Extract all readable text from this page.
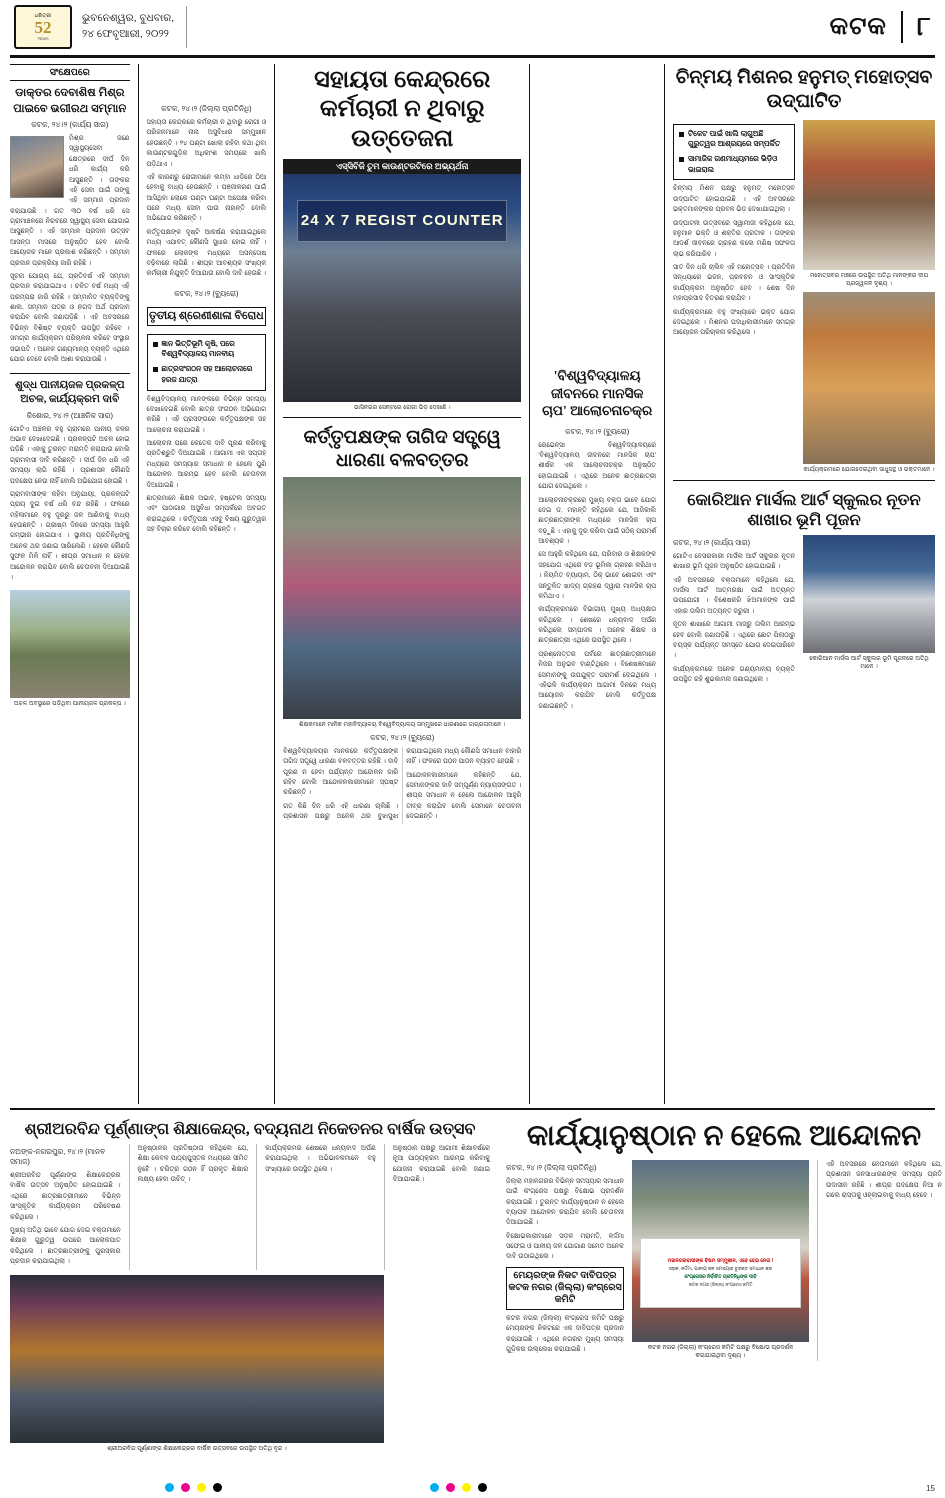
ଧରିତ୍ରୀ
52
Years
ଭୁବନେଶ୍ୱର, ବୁଧବାର,
୨୪ ଫେବୃଆରୀ, ୨୦୨୨	କଟକ	୮
ସଂକ୍ଷେପରେ
ଡାକ୍ତର ଦେବାଶିଷ ମିଶ୍ର ପାଇବେ ଭଗୀରଥ ସମ୍ମାନ
କଟକ, ୨୪।୨ (କାର୍ଯ୍ୟ ସାର)

ମିଶ୍ର ଜଣେ ସ୍ୱାସ୍ଥ୍ୟସେବା କ୍ଷେତ୍ରରେ ଦୀର୍ଘ ଦିନ ଧରି କାର୍ଯ୍ୟ କରି ଆସୁଛନ୍ତି । ତାଙ୍କର ଏହି ସେବା ପାଇଁ ତାଙ୍କୁ ଏହି ସମ୍ମାନ ପ୍ରଦାନ କରାଯାଉଛି । ଗତ ୩୦ ବର୍ଷ ଧରି ସେ ଗ୍ରାମାଞ୍ଚଳରେ ନିରବରେ ସ୍ୱାସ୍ଥ୍ୟ ସେବା ଯୋଗାଇ ଆସୁଛନ୍ତି । ଏହି ସମ୍ମାନ ପ୍ରଦାନ ଉତ୍ସବ ଆସନ୍ତା ମାସରେ ଅନୁଷ୍ଠିତ ହେବ ବୋଲି ଆୟୋଜକ ମାନେ ପ୍ରକାଶ କରିଛନ୍ତି । ସମ୍ମାନ ପ୍ରଦାନ ପ୍ରକ୍ରିୟା ଜାରି ରହିଛି ।

ସୂଚନା ଯୋଗ୍ୟ ଯେ, ପ୍ରତିବର୍ଷ ଏହି ସମ୍ମାନ ପ୍ରଦାନ କରାଯାଇଥାଏ । ଚଳିତ ବର୍ଷ ମଧ୍ୟ ଏହି ପରମ୍ପରା ଜାରି ରହିଛି । ସମ୍ମାନିତ ବ୍ୟକ୍ତିଙ୍କୁ ଶାଲ, ସମ୍ମାନ ପତ୍ର ଓ ନଗଦ ଅର୍ଥ ପ୍ରଦାନ କରାଯିବ ବୋଲି ଜଣାପଡ଼ିଛି । ଏହି ଅବସରରେ ବିଭିନ୍ନ ବିଶିଷ୍ଟ ବ୍ୟକ୍ତି ଉପସ୍ଥିତ ରହିବେ । ସମଗ୍ର କାର୍ଯ୍ୟକ୍ରମ ପରିଚାଳନା କରିବେ ସଂସ୍ଥାର ସଭାପତି । ଅନେକ ଗଣ୍ୟମାନ୍ୟ ବ୍ୟକ୍ତି ଏଥିରେ ଯୋଗ ଦେବେ ବୋଲି ଆଶା କରାଯାଉଛି ।

ଶୁଦ୍ଧ ପାନୀୟଜଳ ପ୍ରକଳ୍ପ ଅଚଳ, କାର୍ଯ୍ୟକ୍ରମ ଦାବି
କିଶୋର, ୨୪।୨ (ଆଞ୍ଚଳିକ ସାର)

ଗୋଟିଏ ଅଞ୍ଚଳର ବହୁ ଗ୍ରାମରେ ପାନୀୟ ଜଳର ଅଭାବ ଦେଖାଦେଇଛି । ପ୍ରକଳ୍ପଟି ଅଚଳ ହୋଇ ପଡ଼ିଛି । ଏହାକୁ ତୁରନ୍ତ ମରାମତି କରାଯାଉ ବୋଲି ଗ୍ରାମବାସୀ ଦାବି କରିଛନ୍ତି । ଦୀର୍ଘ ଦିନ ଧରି ଏହି ସମସ୍ୟା ଲାଗି ରହିଛି । ପ୍ରଶାସନ କୌଣସି ପଦକ୍ଷେପ ନେଉ ନାହିଁ ବୋଲି ଅଭିଯୋଗ ହୋଇଛି ।

ଗ୍ରାମବାସୀଙ୍କ କହିବା ଅନୁଯାୟୀ, ପ୍ରକଳ୍ପଟି ପ୍ରାୟ ଦୁଇ ବର୍ଷ ଧରି ବନ୍ଦ ରହିଛି । ଫଳରେ ମହିଳାମାନେ ବହୁ ଦୂରରୁ ଜଳ ଆଣିବାକୁ ବାଧ୍ୟ ହେଉଛନ୍ତି । ଗ୍ରୀଷ୍ମ ଦିନରେ ସମସ୍ୟା ଆହୁରି ଗମ୍ଭୀର ହୋଇଯାଏ । ସ୍ଥାନୀୟ ପ୍ରତିନିଧିଙ୍କୁ ଅନେକ ଥର ଜଣାଇ ସାରିଲେଣି । ହେଲେ କୌଣସି ସୁଫଳ ମିଳି ନାହିଁ । ଶୀଘ୍ର ସମାଧାନ ନ ହେଲେ ଆନ୍ଦୋଳନ କରାଯିବ ବୋଲି ଚେତାବନୀ ଦିଆଯାଇଛି ।

ଅଚଳ ଅବସ୍ଥାରେ ପଡ଼ିଥିବା ପାନୀୟଜଳ ପ୍ରକଳ୍ପ ।
କଟକ, ୨୪।୨ (ଜିଲ୍ଲା ପ୍ରତିନିଧି)

ସହାୟତା କେନ୍ଦ୍ରରେ କର୍ମଚାରୀ ନ ଥିବାରୁ ରୋଗୀ ଓ ପରିଜନମାନେ ନାନା ଅସୁବିଧାର ସମ୍ମୁଖୀନ ହେଉଛନ୍ତି । ୨୪ ଘଣ୍ଟା ଖୋଲା ରହିବା କଥା ଥିବା କାଉଣ୍ଟରଗୁଡ଼ିକ ଅଧିକାଂଶ ସମୟରେ ଖାଲି ପଡ଼ିଥାଏ ।

ଏହି କାରଣରୁ ରୋଗୀମାନେ ଲମ୍ବା ଧାଡ଼ିରେ ଠିଆ ହେବାକୁ ବାଧ୍ୟ ହେଉଛନ୍ତି । ପଞ୍ଜୀକରଣ ପାଇଁ ଆସିଥିବା ଲୋକେ ଘଣ୍ଟା ଘଣ୍ଟା ଅପେକ୍ଷା କରିବା ପରେ ମଧ୍ୟ ସେବା ପାଉ ନାହାନ୍ତି ବୋଲି ଅଭିଯୋଗ କରିଛନ୍ତି ।

କର୍ତ୍ତୃପକ୍ଷଙ୍କ ଦୃଷ୍ଟି ଆକର୍ଷଣ କରାଯାଇଥିଲେ ମଧ୍ୟ ଏଯାବତ୍ କୌଣସି ସୁଧାର ହୋଇ ନାହିଁ । ଫଳରେ ଲୋକଙ୍କ ମଧ୍ୟରେ ଅସନ୍ତୋଷ ବଢ଼ିବାରେ ଲାଗିଛି । ଶୀଘ୍ର ଆବଶ୍ୟକ ସଂଖ୍ୟକ କର୍ମଚାରୀ ନିଯୁକ୍ତି ଦିଆଯାଉ ବୋଲି ଦାବି ହେଉଛି ।

କଟକ, ୨୪।୨ (ବ୍ୟୁରୋ)
ତୃତୀୟ ଶ୍ରେଣୀଶାଳା ବିରୋଧ
ଜ୍ଞାନ ଭିତ୍ତିଭୂମି କୃଷି, ପରେ ବିଶ୍ୱବିଦ୍ୟାଳୟ ମାନବୀୟ
ଛାତ୍ରସଂଗଠନ ସହ ଆଲୋଚନାରେ ହରଜ ଯାତ୍ରା

ବିଶ୍ୱବିଦ୍ୟାଳୟ ମାନଙ୍କରେ ବିଭିନ୍ନ ସମସ୍ୟା ଦେଖାଦେଇଛି ବୋଲି ଛାତ୍ର ସଂଗଠନ ଅଭିଯୋଗ କରିଛି । ଏହି ପ୍ରସଙ୍ଗରେ କର୍ତ୍ତୃପକ୍ଷଙ୍କ ସହ ଆଲୋଚନା କରାଯାଇଛି ।

ଆଲୋଚନା ପରେ କେତେକ ଦାବି ପୂରଣ କରିବାକୁ ପ୍ରତିଶ୍ରୁତି ଦିଆଯାଇଛି । ଆଗାମୀ ଏକ ସପ୍ତାହ ମଧ୍ୟରେ ସମସ୍ୟାର ସମାଧାନ ନ ହେଲେ ପୁଣି ଆନ୍ଦୋଳନ ଆରମ୍ଭ ହେବ ବୋଲି ଚେତାବନୀ ଦିଆଯାଇଛି ।

ଛାତ୍ରମାନେ ଶିକ୍ଷକ ଅଭାବ, ହଷ୍ଟେଲ ସମସ୍ୟା ଏବଂ ପାଠାଗାର ଅସୁବିଧା ସମ୍ପର୍କରେ ଅବଗତ କରାଇଥିଲେ । କର୍ତ୍ତୃପକ୍ଷ ଏସବୁ ବିଷୟ ଗୁରୁତ୍ୱର ସହ ବିଚାର କରିବେ ବୋଲି କହିଛନ୍ତି ।

ସହାୟତା କେନ୍ଦ୍ରରେ କର୍ମଚାରୀ ନ ଥିବାରୁ ଉତ୍ତେଜନା
ଏସ୍‌ସିବିଜି ତୁମ କାଉଣ୍ଟରଟିରେ ଅଭ୍ୟର୍ଥନା
24 X 7 REGIST COUNTER
ଭାସିନଗର ସେନ୍ଟରେ ରୋଗୀ ଭିଡ଼ ଦେଖାଛି ।
କର୍ତ୍ତୃପକ୍ଷଙ୍କ ତାଗିଦ ସତ୍ତ୍ୱେ ଧାରଣା ବଳବତ୍ତର
ଶିକ୍ଷକମାନେ ମାନିକ ମହାବିଦ୍ୟାଳୟ ବିଶ୍ୱବିଦ୍ୟାଳୟ ସମ୍ମୁଖରେ ଧାରଣାରେ ଜାଗ୍ରତାମାନେ ।
କଟକ, ୨୪।୨ (ବ୍ୟୁରୋ)

ବିଶ୍ୱବିଦ୍ୟାଳୟର ମାନକରେ କର୍ତ୍ତୃପକ୍ଷଙ୍କ ତାଗିଦ ସତ୍ତ୍ୱେ ଧାରଣା ବଳବତ୍ତର ରହିଛି । ଦାବି ପୂରଣ ନ ହେବା ପର୍ଯ୍ୟନ୍ତ ଆନ୍ଦୋଳନ ଜାରି ରହିବ ବୋଲି ଆନ୍ଦୋଳନକାରୀମାନେ ସ୍ପଷ୍ଟ କରିଛନ୍ତି ।

ଗତ କିଛି ଦିନ ଧରି ଏହି ଧାରଣା ଚାଲିଛି । ପ୍ରଶାସନ ପକ୍ଷରୁ ଅନେକ ଥର ବୁଝାସୁଝା କରାଯାଇଥିଲେ ମଧ୍ୟ କୌଣସି ସମାଧାନ ବାହାରି ନାହିଁ । ଫଳରେ ପଠନ ପାଠନ ବ୍ୟାହତ ହେଉଛି ।

ଆନ୍ଦୋଳନକାରୀମାନେ କହିଛନ୍ତି ଯେ, ସେମାନଙ୍କର ଦାବି ସମ୍ପୂର୍ଣ୍ଣ ନ୍ୟାୟସଙ୍ଗତ । ଶୀଘ୍ର ସମାଧାନ ନ ହେଲେ ଆନ୍ଦୋଳନ ଆହୁରି ତୀବ୍ର କରାଯିବ ବୋଲି ସେମାନେ ଚେତାବନୀ ଦେଇଛନ୍ତି ।

'ବିଶ୍ୱବିଦ୍ୟାଳୟ ଜୀବନରେ ମାନସିକ ଚାପ' ଆଲୋଚନାଚକ୍ର
କଟକ, ୨୪।୨ (ବ୍ୟୁରୋ)

ରେଭେନ୍‌ସା ବିଶ୍ୱବିଦ୍ୟାଳୟରେ 'ବିଶ୍ୱବିଦ୍ୟାଳୟ ଜୀବନରେ ମାନସିକ ଚାପ' ଶୀର୍ଷକ ଏକ ଆଲୋଚନାଚକ୍ର ଅନୁଷ୍ଠିତ ହୋଇଯାଇଛି । ଏଥିରେ ଅନେକ ଛାତ୍ରଛାତ୍ରୀ ଯୋଗ ଦେଇଥିଲେ ।

ଆଲୋଚନାଚକ୍ରରେ ମୁଖ୍ୟ ବକ୍ତା ଭାବେ ଯୋଗ ଦେଇ ଡ. ମହାନ୍ତି କହିଥିଲେ ଯେ, ଆଜିକାଲି ଛାତ୍ରଛାତ୍ରୀଙ୍କ ମଧ୍ୟରେ ମାନସିକ ଚାପ ବଢ଼ୁଛି । ଏହାକୁ ଦୂର କରିବା ପାଇଁ ସଠିକ୍ ପରାମର୍ଶ ଆବଶ୍ୟକ ।

ସେ ଆହୁରି କହିଥିଲେ ଯେ, ପରିବାର ଓ ଶିକ୍ଷକଙ୍କ ସହଯୋଗ ଏଥିରେ ବଡ଼ ଭୂମିକା ଗ୍ରହଣ କରିଥାଏ । ନିୟମିତ ବ୍ୟାୟାମ, ଠିକ୍ ଭାବେ ଶୋଇବା ଏବଂ ସନ୍ତୁଳିତ ଖାଦ୍ୟ ଗ୍ରହଣ ଦ୍ୱାରା ମାନସିକ ଚାପ କମିଥାଏ ।

କାର୍ଯ୍ୟକ୍ରମରେ ବିଭାଗୀୟ ମୁଖ୍ୟ ଅଧ୍ୟକ୍ଷତା କରିଥିଲେ । ଶେଷରେ ଧନ୍ୟବାଦ ଅର୍ପଣ କରିଥିଲେ ସମ୍ପାଦକ । ଅନେକ ଶିକ୍ଷକ ଓ ଛାତ୍ରଛାତ୍ରୀ ଏଥିରେ ଉପସ୍ଥିତ ଥିଲେ ।

ପ୍ରଶ୍ନୋତ୍ତର ପର୍ବରେ ଛାତ୍ରଛାତ୍ରୀମାନେ ନିଜର ଅନୁଭବ ବାଣ୍ଟିଥିଲେ । ବିଶେଷଜ୍ଞମାନେ ସେମାନଙ୍କୁ ଉପଯୁକ୍ତ ପରାମର୍ଶ ଦେଇଥିଲେ । ଏହିଭଳି କାର୍ଯ୍ୟକ୍ରମ ଆଗାମୀ ଦିନରେ ମଧ୍ୟ ଆୟୋଜନ କରାଯିବ ବୋଲି କର୍ତ୍ତୃପକ୍ଷ ଜଣାଇଛନ୍ତି ।

ଚିନ୍ମୟ ମିଶନର ହନୁମତ୍ ମହୋତ୍ସବ ଉଦ୍‌ଘାଟିତ
ଟିକେଟ ପାଇଁ ଖାଲି ଲାଗୁଅଛି ଗୁରୁତ୍ୱର ଆଶ୍ରୟରେ ସମ୍ପର୍କିତ
ସାମାଜିକ ଗଣମାଧ୍ୟମରେ ଭିଡ଼ିଓ ଭାଇରାଲ

ଚିନ୍ମୟ ମିଶନ ପକ୍ଷରୁ ହନୁମତ୍ ମହୋତ୍ସବ ଉଦ୍‌ଘାଟିତ ହୋଇଯାଇଛି । ଏହି ଅବସରରେ ଭକ୍ତମାନଙ୍କର ପ୍ରବଳ ଭିଡ଼ ଦେଖାଯାଇଥିଲା ।

ଉଦ୍‌ଘାଟନୀ ଉତ୍ସବରେ ସ୍ୱାମୀଜୀ କହିଥିଲେ ଯେ, ହନୁମାନ ଭକ୍ତି ଓ ଶକ୍ତିର ପ୍ରତୀକ । ତାଙ୍କର ଆଦର୍ଶ ଜୀବନରେ ଗ୍ରହଣ କଲେ ମଣିଷ ସଫଳତା ଲାଭ କରିପାରିବ ।

ସାତ ଦିନ ଧରି ଚାଲିବ ଏହି ମହୋତ୍ସବ । ପ୍ରତିଦିନ ସନ୍ଧ୍ୟାରେ ଭଜନ, ପ୍ରବଚନ ଓ ସାଂସ୍କୃତିକ କାର୍ଯ୍ୟକ୍ରମ ଅନୁଷ୍ଠିତ ହେବ । ଶେଷ ଦିନ ମହାପ୍ରସାଦ ବିତରଣ କରାଯିବ ।

କାର୍ଯ୍ୟକ୍ରମରେ ବହୁ ସଂଖ୍ୟାରେ ଭକ୍ତ ଯୋଗ ଦେଇଥିଲେ । ମିଶନର ପଦାଧିକାରୀମାନେ ସମଗ୍ର ଆୟୋଜନ ପରିଚାଳନା କରିଥିଲେ ।

ମହୋତ୍ସବର ମଞ୍ଚରେ ଉପସ୍ଥିତ ଅତିଥି ମାନଙ୍କର ଦୀପ ପ୍ରଜ୍ୱଳନ ଦୃଶ୍ୟ ।
କାର୍ଯ୍ୟକ୍ରମରେ ଯୋଗଦେଇଥିବା ସାଧୁସନ୍ଥ ଓ ଭକ୍ତମାନେ ।
କୋରିଆନ ମାର୍ସଲ ଆର୍ଟ ସ୍କୁଲର ନୂତନ ଶାଖାର ଭୂମି ପୂଜନ
କଟକ, ୨୪।୨ (କାର୍ଯ୍ୟ ସାର)

ଗୋଟିଏ ବେସରକାରୀ ମାର୍ସଲ ଆର୍ଟ ସ୍କୁଲର ନୂତନ ଶାଖାର ଭୂମି ପୂଜନ ଅନୁଷ୍ଠିତ ହୋଇଯାଇଛି ।

ଏହି ଅବସରରେ ବକ୍ତାମାନେ କହିଥିଲେ ଯେ, ମାର୍ସଲ ଆର୍ଟ ଆତ୍ମରକ୍ଷା ପାଇଁ ଅତ୍ୟନ୍ତ ଉପଯୋଗୀ । ବିଶେଷକରି ଝିଅମାନଙ୍କ ପାଇଁ ଏହାର ତାଲିମ ଅତ୍ୟନ୍ତ ଜରୁରୀ ।

ନୂତନ ଶାଖାରେ ଆଗାମୀ ମାସରୁ ତାଲିମ ଆରମ୍ଭ ହେବ ବୋଲି ଜଣାପଡ଼ିଛି । ଏଥିରେ ଛୋଟ ପିଲାଠାରୁ ବୟସ୍କ ପର୍ଯ୍ୟନ୍ତ ସମସ୍ତେ ଯୋଗ ଦେଇପାରିବେ ।

କାର୍ଯ୍ୟକ୍ରମରେ ଅନେକ ଗଣ୍ୟମାନ୍ୟ ବ୍ୟକ୍ତି ଉପସ୍ଥିତ ରହି ଶୁଭକାମନା ଜଣାଇଥିଲେ ।

କୋରିଆନ ମାର୍ସଲ ଆର୍ଟ ସ୍କୁଲର ଭୂମି ପୂଜନରେ ଅତିଥି ମାନେ ।
ଶ୍ରୀଅରବିନ୍ଦ ପୂର୍ଣ୍ଣାଙ୍ଗ ଶିକ୍ଷାକେନ୍ଦ୍ର, ବଦ୍ୟନାଥ ନିକେତନର ବାର୍ଷିକ ଉତ୍ସବ
ନଅଙ୍କ-ନଗରପୁର, ୨୪।୨ (ମାନବ ସମାଜ)

ଶ୍ରୀଅରବିନ୍ଦ ପୂର୍ଣ୍ଣାଙ୍ଗ ଶିକ୍ଷାକେନ୍ଦ୍ରର ବାର୍ଷିକ ଉତ୍ସବ ଅନୁଷ୍ଠିତ ହୋଇଯାଇଛି । ଏଥିରେ ଛାତ୍ରଛାତ୍ରୀମାନେ ବିଭିନ୍ନ ସାଂସ୍କୃତିକ କାର୍ଯ୍ୟକ୍ରମ ପରିବେଷଣ କରିଥିଲେ ।

ମୁଖ୍ୟ ଅତିଥି ଭାବେ ଯୋଗ ଦେଇ ବକ୍ତାମାନେ ଶିକ୍ଷାର ଗୁରୁତ୍ୱ ଉପରେ ଆଲୋକପାତ କରିଥିଲେ । ଛାତ୍ରଛାତ୍ରୀଙ୍କୁ ପୁରସ୍କାର ପ୍ରଦାନ କରାଯାଇଥିଲା ।

ଅନୁଷ୍ଠାନର ପ୍ରତିଷ୍ଠାତା କହିଥିଲେ ଯେ, ଶିକ୍ଷା କେବଳ ପାଠ୍ୟପୁସ୍ତକ ମଧ୍ୟରେ ସୀମିତ ନୁହେଁ । ଚରିତ୍ର ଗଠନ ହିଁ ପ୍ରକୃତ ଶିକ୍ଷାର ଲକ୍ଷ୍ୟ ହେବା ଉଚିତ୍ ।

କାର୍ଯ୍ୟକ୍ରମର ଶେଷରେ ଧନ୍ୟବାଦ ଅର୍ପଣ କରାଯାଇଥିଲା । ଅଭିଭାବକମାନେ ବହୁ ସଂଖ୍ୟାରେ ଉପସ୍ଥିତ ଥିଲେ ।

ଅନୁଷ୍ଠାନ ପକ୍ଷରୁ ଆଗାମୀ ଶିକ୍ଷାବର୍ଷରେ ନୂଆ ପାଠ୍ୟକ୍ରମ ଆରମ୍ଭ କରିବାକୁ ଯୋଜନା କରାଯାଇଛି ବୋଲି ଜଣାଇ ଦିଆଯାଇଛି ।

ଶ୍ରୀଅରବିନ୍ଦ ପୂର୍ଣ୍ଣାଙ୍ଗ ଶିକ୍ଷାକେନ୍ଦ୍ରର ବାର୍ଷିକ ଉତ୍ସବରେ ଉପସ୍ଥିତ ଅତିଥି ବୃନ୍ଦ ।
କାର୍ଯ୍ୟାନୁଷ୍ଠାନ ନ ହେଲେ ଆନ୍ଦୋଳନ
କଟକ, ୨୪।୨ (ଜିଲ୍ଲା ପ୍ରତିନିଧି)

ଜିଲ୍ଲା ମହାନଗରର ବିଭିନ୍ନ ସମସ୍ୟାର ସମାଧାନ ପାଇଁ କଂଗ୍ରେସ ପକ୍ଷରୁ ବିକ୍ଷୋଭ ପ୍ରଦର୍ଶନ କରାଯାଇଛି । ତୁରନ୍ତ କାର୍ଯ୍ୟାନୁଷ୍ଠାନ ନ ହେଲେ ବ୍ୟାପକ ଆନ୍ଦୋଳନ କରାଯିବ ବୋଲି ଚେତାବନୀ ଦିଆଯାଇଛି ।

ବିକ୍ଷୋଭକାରୀମାନେ ସଡ଼କ ମରାମତି, ନର୍ଦ୍ଦମା ସଫେଇ ଓ ପାନୀୟ ଜଳ ଯୋଗାଣ ସମେତ ଅନେକ ଦାବି ଉଠାଇଥିଲେ ।

ମେୟରଙ୍କ ନିକଟ ଦାବିପତ୍ର କଟକ ନଗର (ଜିଲ୍ଲା) କଂଗ୍ରେସ କମିଟି

କଟକ ନଗର (ଜିଲ୍ଲା) କଂଗ୍ରେସ କମିଟି ପକ୍ଷରୁ ମେୟରଙ୍କ ନିକଟରେ ଏକ ଦାବିପତ୍ର ପ୍ରଦାନ କରାଯାଇଛି । ଏଥିରେ ନଗରର ମୁଖ୍ୟ ସମସ୍ୟା ଗୁଡ଼ିକର ଉଲ୍ଲେଖ କରାଯାଇଛି ।

ମହାନଗରବାସୀଙ୍କ ବିଷମ ସମ୍ମୁଖୀନ, ଏବେ ହେଇ ନେତା !
ସଡ଼କ, ନର୍ଦ୍ଦମା, ପାନୀୟ ଜଳ ସମସ୍ୟାର ତୁରନ୍ତ ସମାଧାନ କର
କଂଗ୍ରେସର ନିର୍ବାଚିତ ପ୍ରତିନିଧିଙ୍କ ଦାବି
କଟକ ନଗର (ଜିଲ୍ଲା) କଂଗ୍ରେସ କମିଟି
କଟକ ନଗର (ଜିଲ୍ଲା) କଂଗ୍ରେସ କମିଟି ପକ୍ଷରୁ ବିକ୍ଷୋଭ ପ୍ରଦର୍ଶନ କରାଯାଇଥିବା ଦୃଶ୍ୟ ।

ଏହି ଅବସରରେ ନେତାମାନେ କହିଥିଲେ ଯେ, ପ୍ରଶାସନ ଜନସାଧାରଣଙ୍କ ସମସ୍ୟା ପ୍ରତି ଉଦାସୀନ ରହିଛି । ଶୀଘ୍ର ପଦକ୍ଷେପ ନିଆ ନ ଗଲେ ରାସ୍ତାକୁ ଓହ୍ଲାଇବାକୁ ବାଧ୍ୟ ହେବେ ।

15
